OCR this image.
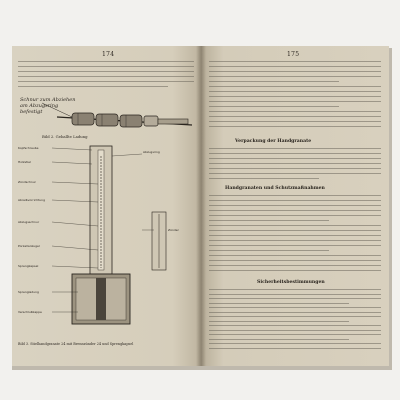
174
Schnur zum Abziehen
am Abzugsring
befestigt
Bild 2. Geballte Ladung
Kopfschraube
Holzstiel
Zündschnur
Abreißvorrichtung
Abzugsschnur
Porzellankugel
Sprengkapsel
Sprengladung
Verschlußkappe
Abzugsring
Zünder
Bild 3. Stielhandgranate 24 mit Brennzünder 24 und Sprengkapsel
175
Verpackung der Handgranate
Handgranaten und Schutzmaßnahmen
Sicherheitsbestimmungen
